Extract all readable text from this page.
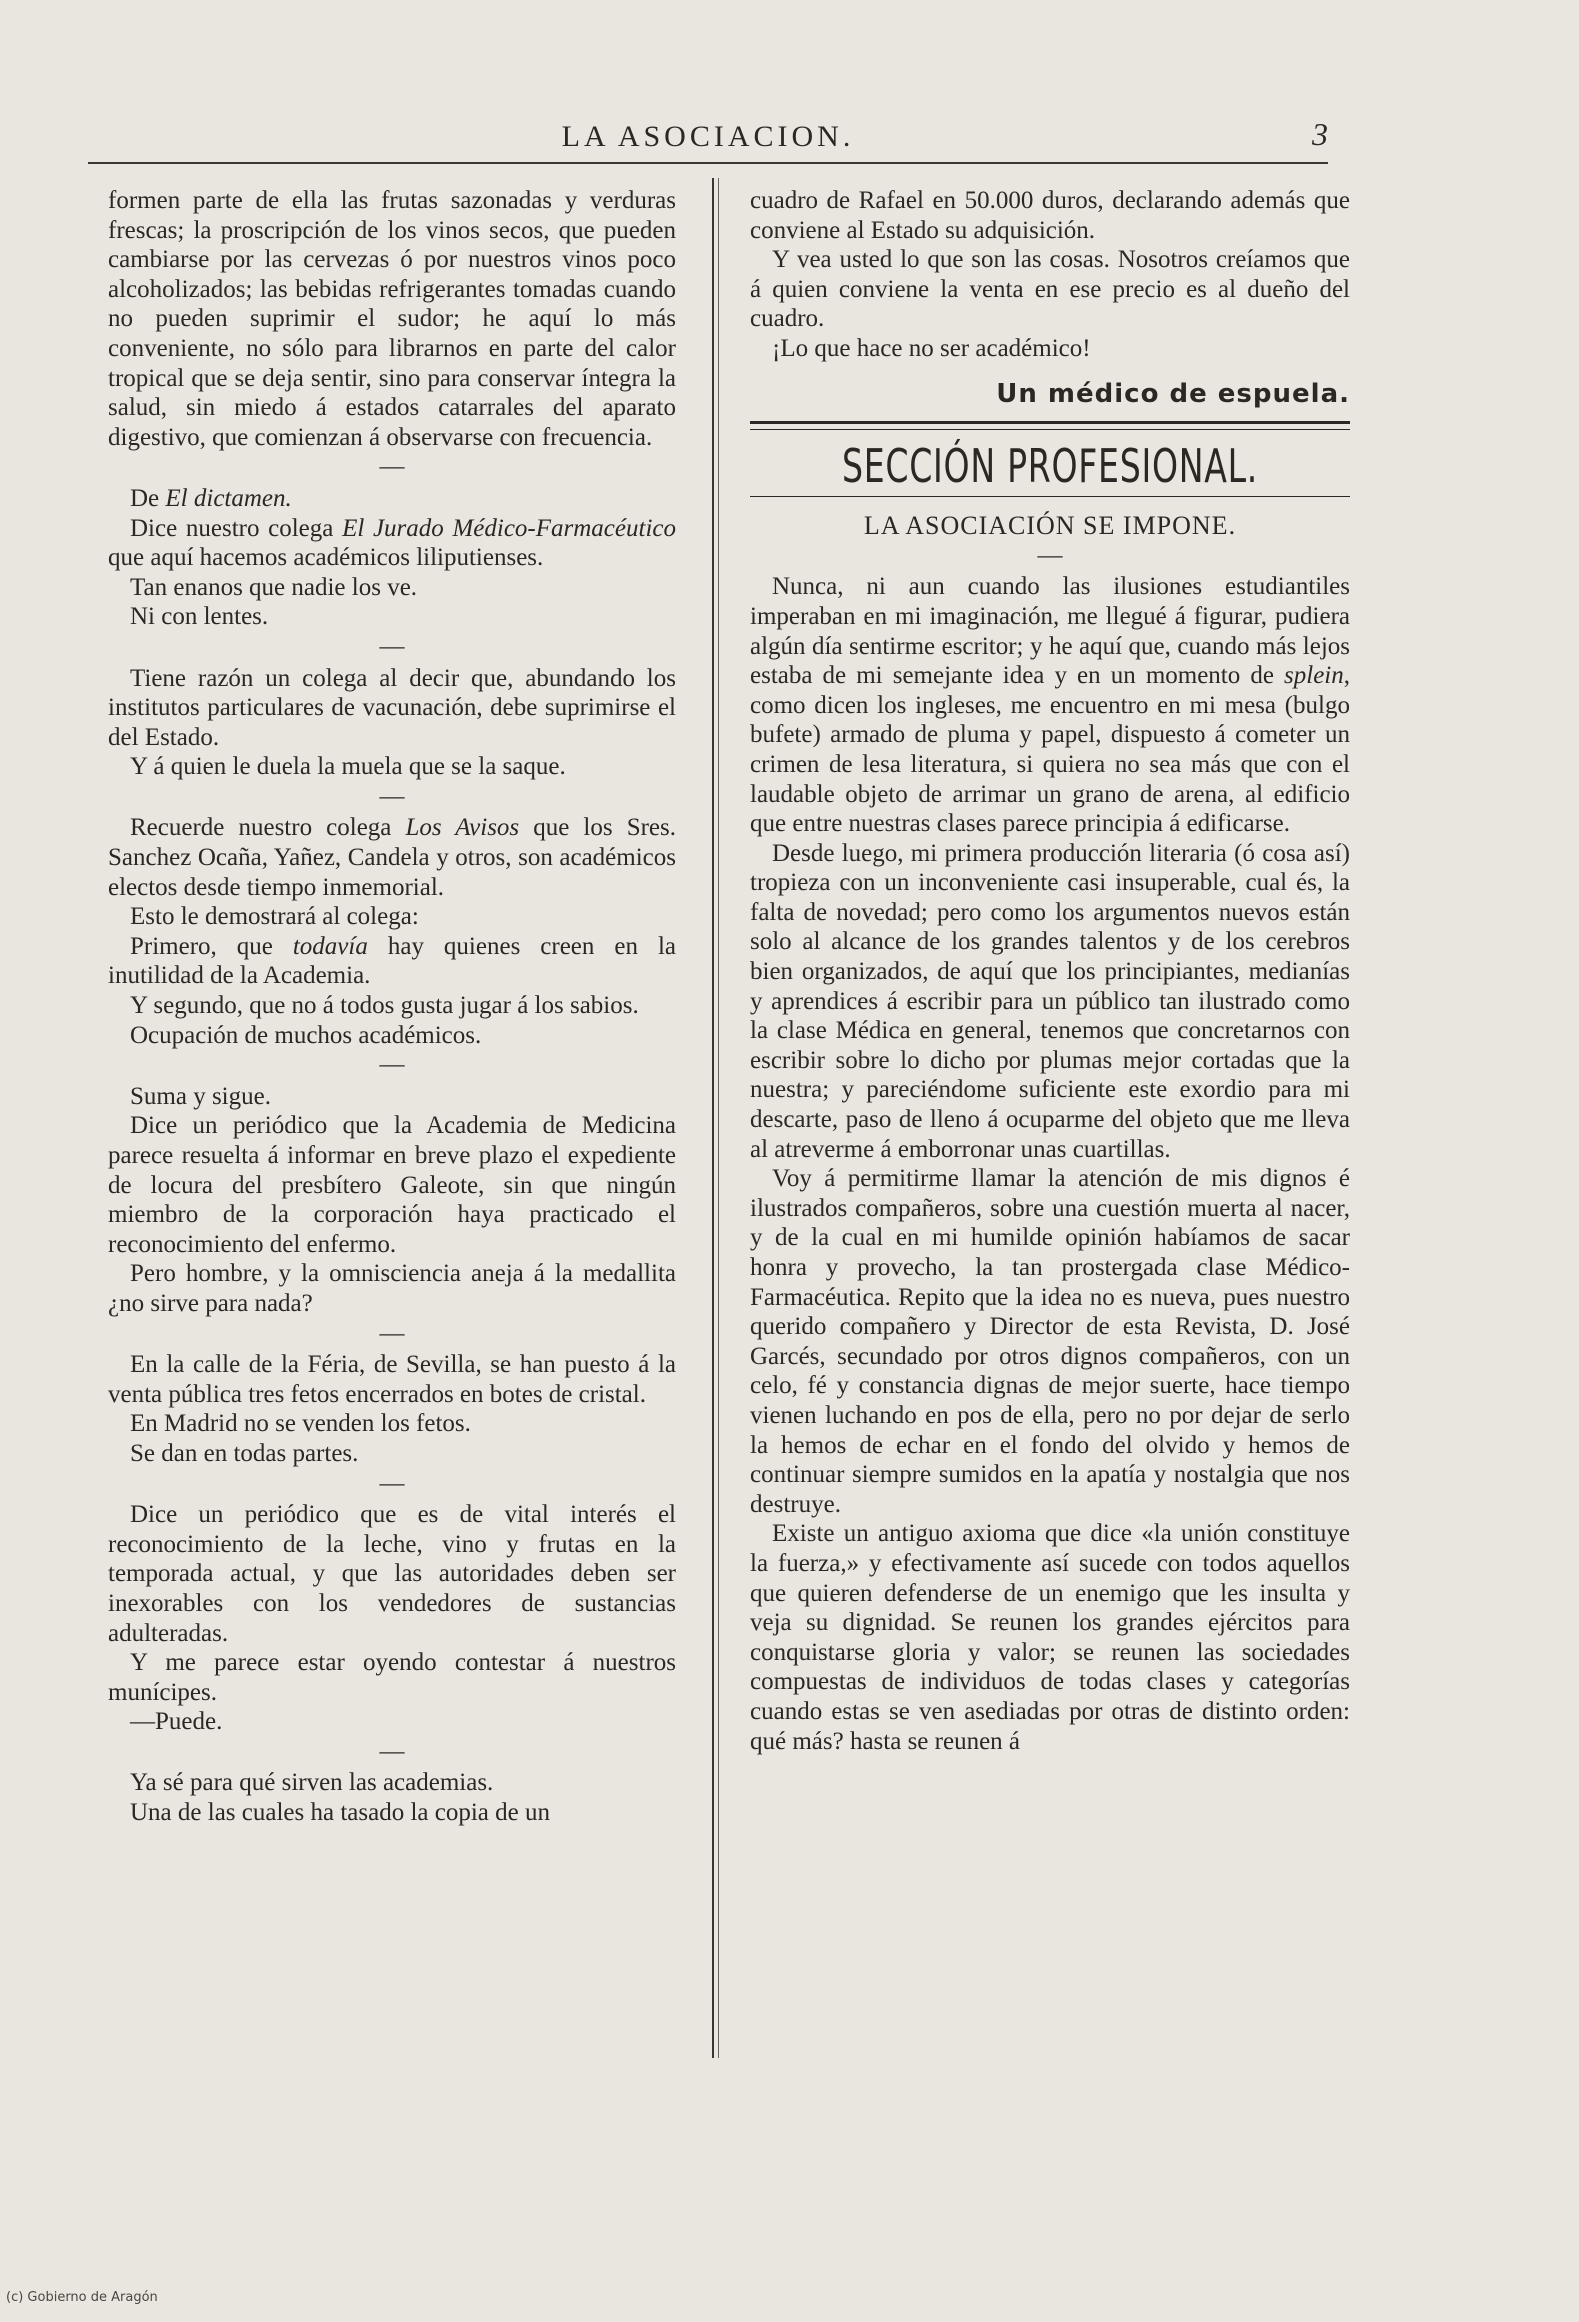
LA ASOCIACION.	3

formen parte de ella las frutas sazonadas y verduras frescas; la proscripción de los vinos secos, que pueden cambiarse por las cervezas ó por nuestros vinos poco alcoholizados; las bebidas refrigerantes tomadas cuando no pueden suprimir el sudor; he aquí lo más conveniente, no sólo para librarnos en parte del calor tropical que se deja sentir, sino para conservar íntegra la salud, sin miedo á estados catarrales del aparato digestivo, que comienzan á observarse con frecuencia.

—

De El dictamen.

Dice nuestro colega El Jurado Médico-Farmacéutico que aquí hacemos académicos liliputienses.

Tan enanos que nadie los ve.

Ni con lentes.

—

Tiene razón un colega al decir que, abundando los institutos particulares de vacunación, debe suprimirse el del Estado.

Y á quien le duela la muela que se la saque.

—

Recuerde nuestro colega Los Avisos que los Sres. Sanchez Ocaña, Yañez, Candela y otros, son académicos electos desde tiempo inmemorial.

Esto le demostrará al colega:

Primero, que todavía hay quienes creen en la inutilidad de la Academia.

Y segundo, que no á todos gusta jugar á los sabios.

Ocupación de muchos académicos.

—

Suma y sigue.

Dice un periódico que la Academia de Medicina parece resuelta á informar en breve plazo el expediente de locura del presbítero Galeote, sin que ningún miembro de la corporación haya practicado el reconocimiento del enfermo.

Pero hombre, y la omnisciencia aneja á la medallita ¿no sirve para nada?

—

En la calle de la Féria, de Sevilla, se han puesto á la venta pública tres fetos encerrados en botes de cristal.

En Madrid no se venden los fetos.

Se dan en todas partes.

—

Dice un periódico que es de vital interés el reconocimiento de la leche, vino y frutas en la temporada actual, y que las autoridades deben ser inexorables con los vendedores de sustancias adulteradas.

Y me parece estar oyendo contestar á nuestros munícipes.

—Puede.

—

Ya sé para qué sirven las academias.

Una de las cuales ha tasado la copia de un

cuadro de Rafael en 50.000 duros, declarando además que conviene al Estado su adquisición.

Y vea usted lo que son las cosas. Nosotros creíamos que á quien conviene la venta en ese precio es al dueño del cuadro.

¡Lo que hace no ser académico!

Un médico de espuela.
SECCIÓN PROFESIONAL.
LA ASOCIACIÓN SE IMPONE.
—

Nunca, ni aun cuando las ilusiones estudiantiles imperaban en mi imaginación, me llegué á figurar, pudiera algún día sentirme escritor; y he aquí que, cuando más lejos estaba de mi semejante idea y en un momento de splein, como dicen los ingleses, me encuentro en mi mesa (bulgo bufete) armado de pluma y papel, dispuesto á cometer un crimen de lesa literatura, si quiera no sea más que con el laudable objeto de arrimar un grano de arena, al edificio que entre nuestras clases parece principia á edificarse.

Desde luego, mi primera producción literaria (ó cosa así) tropieza con un inconveniente casi insuperable, cual és, la falta de novedad; pero como los argumentos nuevos están solo al alcance de los grandes talentos y de los cerebros bien organizados, de aquí que los principiantes, medianías y aprendices á escribir para un público tan ilustrado como la clase Médica en general, tenemos que concretarnos con escribir sobre lo dicho por plumas mejor cortadas que la nuestra; y pareciéndome suficiente este exordio para mi descarte, paso de lleno á ocuparme del objeto que me lleva al atreverme á emborronar unas cuartillas.

Voy á permitirme llamar la atención de mis dignos é ilustrados compañeros, sobre una cuestión muerta al nacer, y de la cual en mi humilde opinión habíamos de sacar honra y provecho, la tan prostergada clase Médico-Farmacéutica. Repito que la idea no es nueva, pues nuestro querido compañero y Director de esta Revista, D. José Garcés, secundado por otros dignos compañeros, con un celo, fé y constancia dignas de mejor suerte, hace tiempo vienen luchando en pos de ella, pero no por dejar de serlo la hemos de echar en el fondo del olvido y hemos de continuar siempre sumidos en la apatía y nostalgia que nos destruye.

Existe un antiguo axioma que dice «la unión constituye la fuerza,» y efectivamente así sucede con todos aquellos que quieren defenderse de un enemigo que les insulta y veja su dignidad. Se reunen los grandes ejércitos para conquistarse gloria y valor; se reunen las sociedades compuestas de individuos de todas clases y categorías cuando estas se ven asediadas por otras de distinto orden: qué más? hasta se reunen á

(c) Gobierno de Aragón
